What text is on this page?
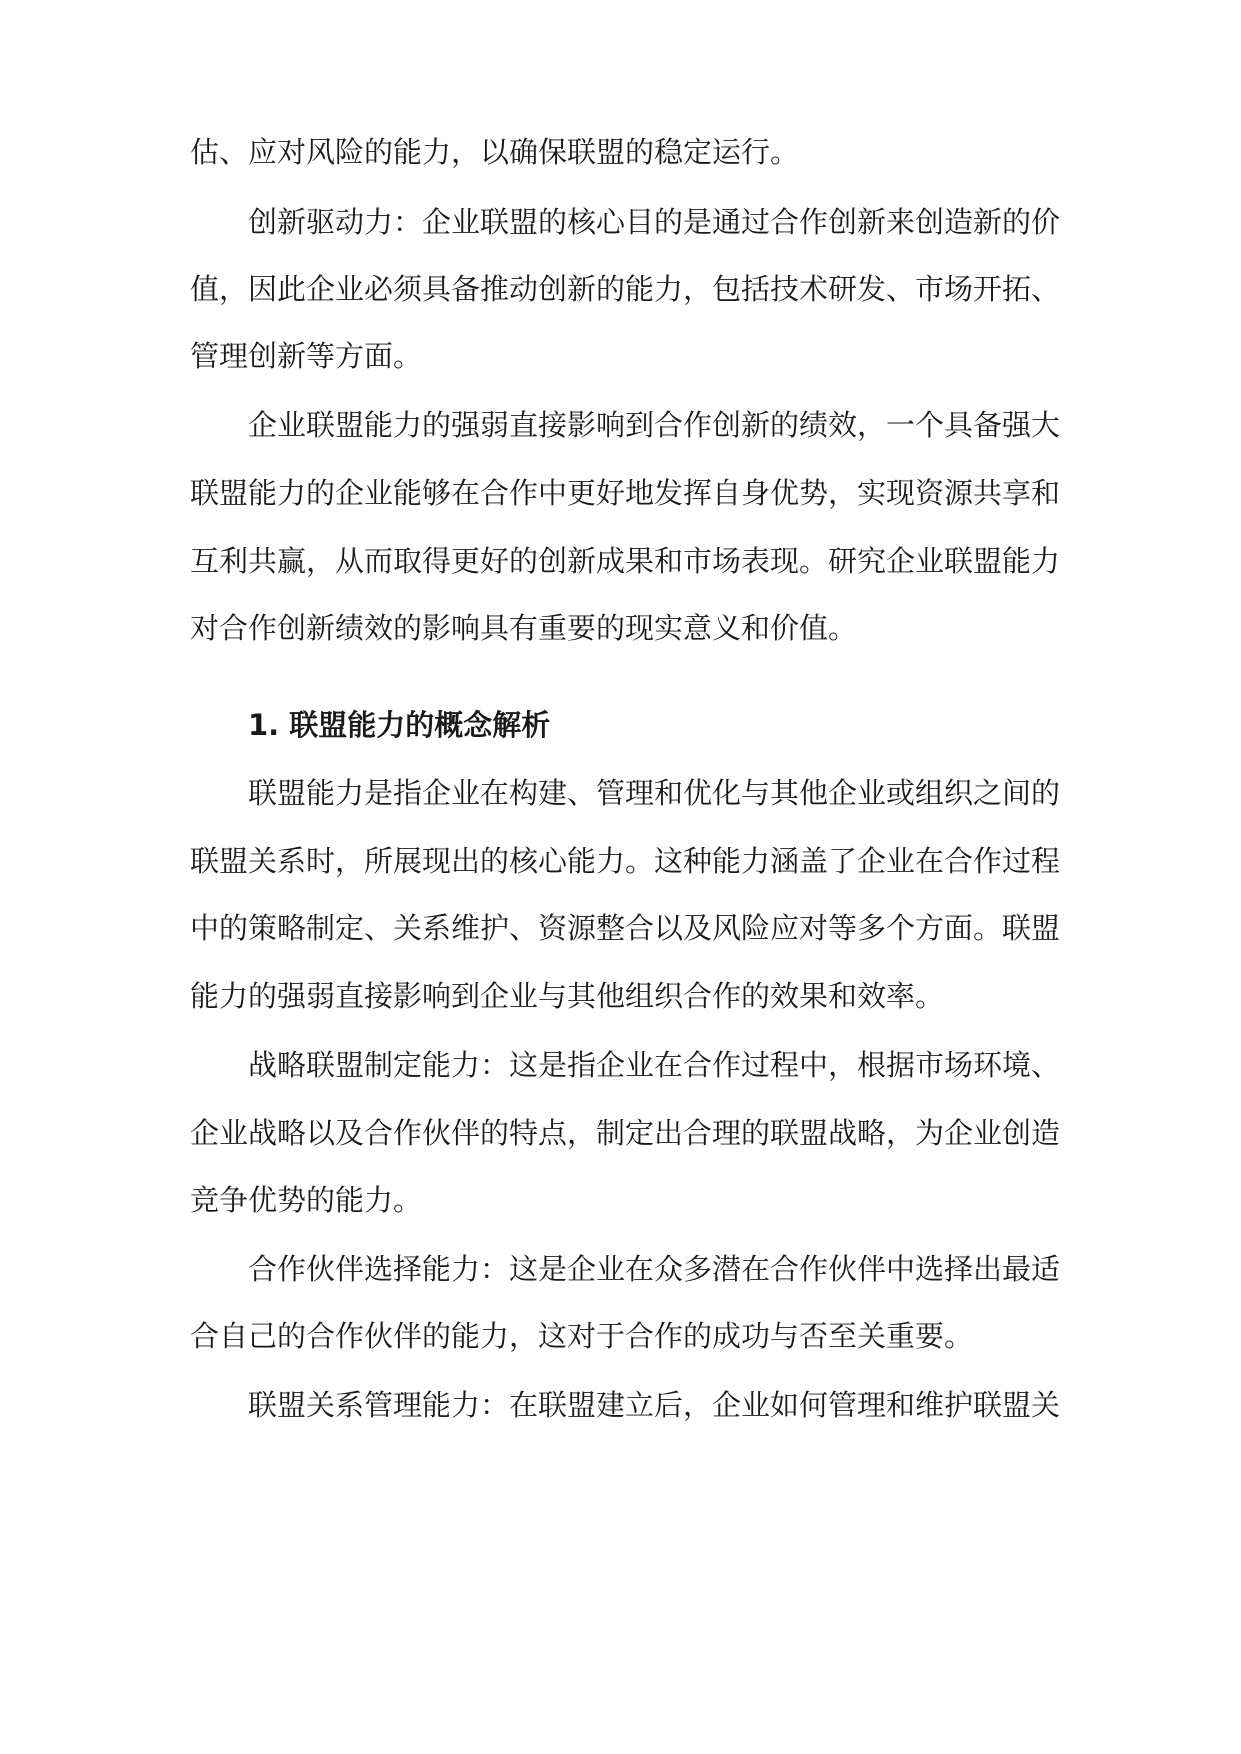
估、应对风险的能力，以确保联盟的稳定运行。
创新驱动力：企业联盟的核心目的是通过合作创新来创造新的价
值，因此企业必须具备推动创新的能力，包括技术研发、市场开拓、
管理创新等方面。
企业联盟能力的强弱直接影响到合作创新的绩效，一个具备强大
联盟能力的企业能够在合作中更好地发挥自身优势，实现资源共享和
互利共赢，从而取得更好的创新成果和市场表现。研究企业联盟能力
对合作创新绩效的影响具有重要的现实意义和价值。
1. 联盟能力的概念解析
联盟能力是指企业在构建、管理和优化与其他企业或组织之间的
联盟关系时，所展现出的核心能力。这种能力涵盖了企业在合作过程
中的策略制定、关系维护、资源整合以及风险应对等多个方面。联盟
能力的强弱直接影响到企业与其他组织合作的效果和效率。
战略联盟制定能力：这是指企业在合作过程中，根据市场环境、
企业战略以及合作伙伴的特点，制定出合理的联盟战略，为企业创造
竞争优势的能力。
合作伙伴选择能力：这是企业在众多潜在合作伙伴中选择出最适
合自己的合作伙伴的能力，这对于合作的成功与否至关重要。
联盟关系管理能力：在联盟建立后，企业如何管理和维护联盟关
